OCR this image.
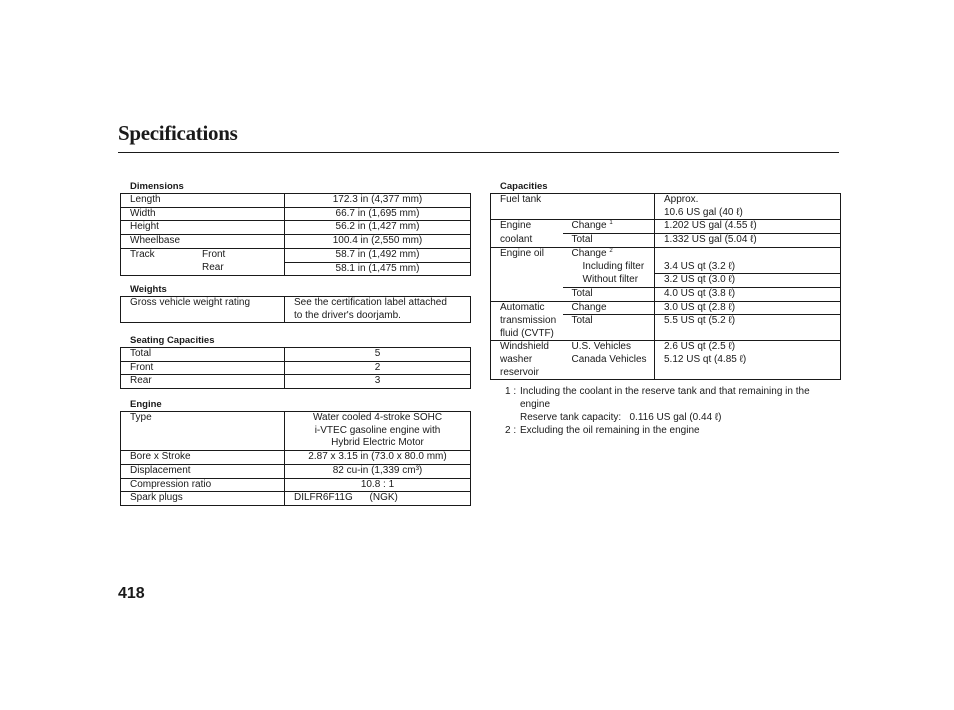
Specifications
Dimensions
Length	172.3 in (4,377 mm)
Width	66.7 in (1,695 mm)
Height	56.2 in (1,427 mm)
Wheelbase	100.4 in (2,550 mm)
Track Front	58.7 in (1,492 mm)
Rear	58.1 in (1,475 mm)
Weights
Gross vehicle weight rating	See the certification label attached
to the driver's doorjamb.
Seating Capacities
Total	5
Front	2
Rear	3
Engine
Type	Water cooled 4-stroke SOHC
i-VTEC gasoline engine with
Hybrid Electric Motor

Bore x Stroke	2.87 x 3.15 in (73.0 x 80.0 mm)
Displacement	82 cu-in (1,339 cm³)
Compression ratio	10.8 : 1
Spark plugs	DILFR6F11G (NGK)
Capacities
Fuel tank		Approx.
10.6 US gal (40 ℓ)

Engine	Change $^1$	1.202 US gal (4.55 ℓ)
coolant	Total	1.332 US gal (5.04 ℓ)
Engine oil	Change $^2$	
	Including filter	3.4 US qt (3.2 ℓ)
	Without filter	3.2 US qt (3.0 ℓ)
	Total	4.0 US qt (3.8 ℓ)
Automatic	Change	3.0 US qt (2.8 ℓ)

transmission
fluid (CVTF)	Total	5.5 US qt (5.2 ℓ)
Windshield	U.S. Vehicles	2.6 US qt (2.5 ℓ)

washer
reservoir	Canada Vehicles	5.12 US qt (4.85 ℓ)
1 : Including the coolant in the reserve tank and that remaining in the engine
Reserve tank capacity:   0.116 US gal (0.44 ℓ)
2 : Excluding the oil remaining in the engine
418
